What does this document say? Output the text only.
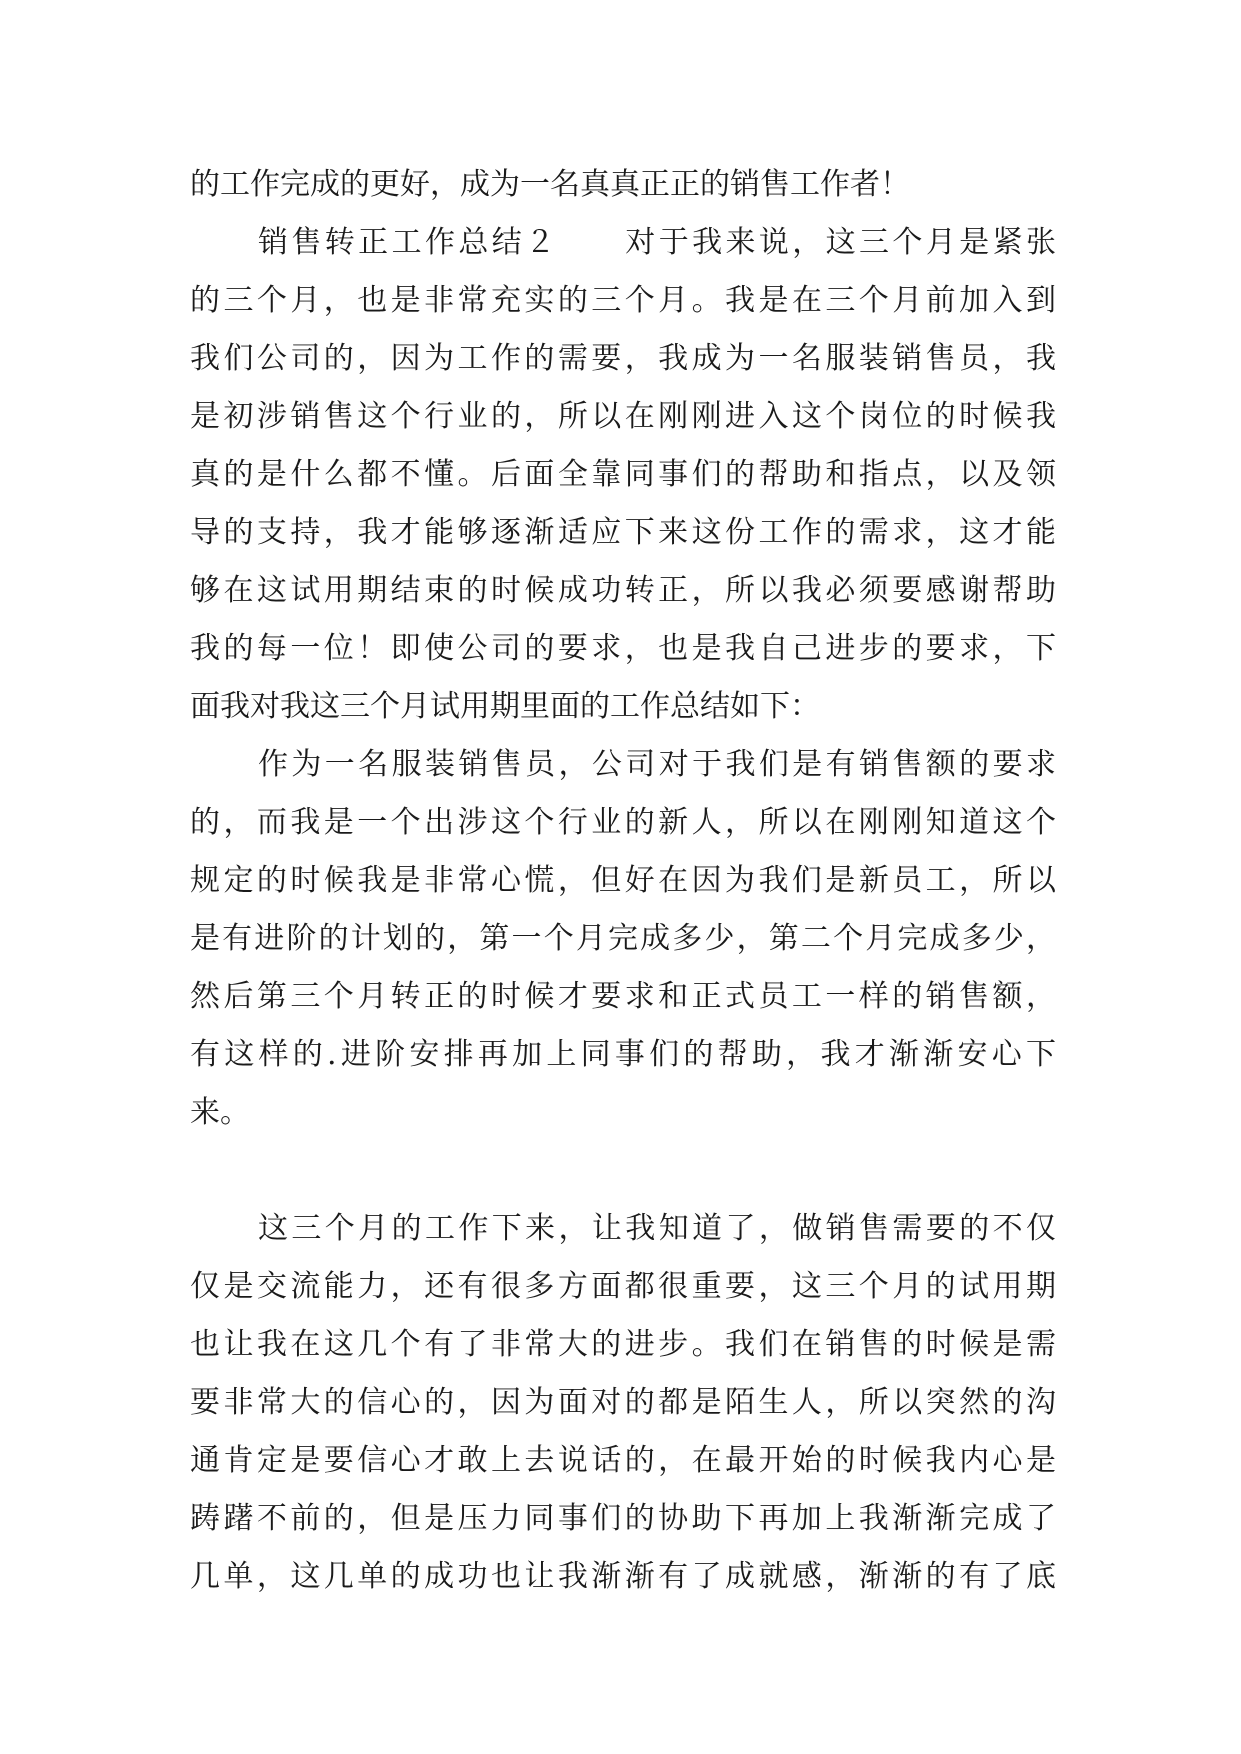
的工作完成的更好，成为一名真真正正的销售工作者！
销售转正工作总结２　　对于我来说，这三个月是紧张
的三个月，也是非常充实的三个月。我是在三个月前加入到
我们公司的，因为工作的需要，我成为一名服装销售员，我
是初涉销售这个行业的，所以在刚刚进入这个岗位的时候我
真的是什么都不懂。后面全靠同事们的帮助和指点，以及领
导的支持，我才能够逐渐适应下来这份工作的需求，这才能
够在这试用期结束的时候成功转正，所以我必须要感谢帮助
我的每一位！即使公司的要求，也是我自己进步的要求，下
面我对我这三个月试用期里面的工作总结如下：
作为一名服装销售员，公司对于我们是有销售额的要求
的，而我是一个出涉这个行业的新人，所以在刚刚知道这个
规定的时候我是非常心慌，但好在因为我们是新员工，所以
是有进阶的计划的，第一个月完成多少，第二个月完成多少，
然后第三个月转正的时候才要求和正式员工一样的销售额，
有这样的.进阶安排再加上同事们的帮助，我才渐渐安心下
来。
这三个月的工作下来，让我知道了，做销售需要的不仅
仅是交流能力，还有很多方面都很重要，这三个月的试用期
也让我在这几个有了非常大的进步。我们在销售的时候是需
要非常大的信心的，因为面对的都是陌生人，所以突然的沟
通肯定是要信心才敢上去说话的，在最开始的时候我内心是
踌躇不前的，但是压力同事们的协助下再加上我渐渐完成了
几单，这几单的成功也让我渐渐有了成就感，渐渐的有了底
